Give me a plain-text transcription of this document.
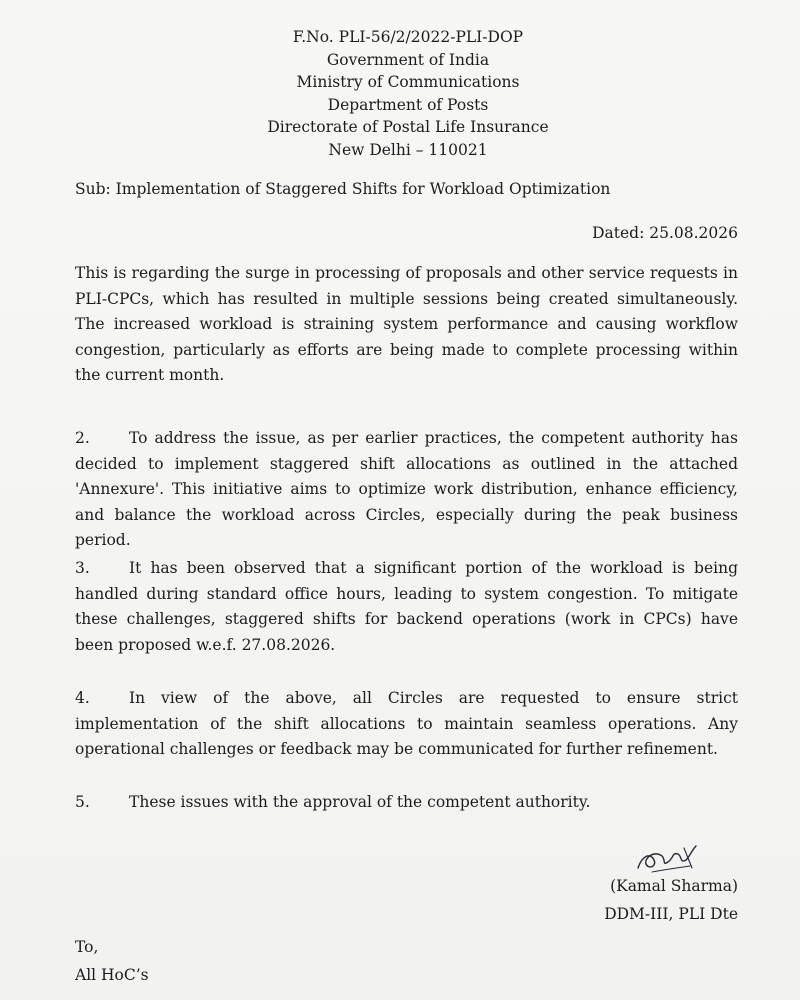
F.No. PLI-56/2/2022-PLI-DOP
Government of India
Ministry of Communications
Department of Posts
Directorate of Postal Life Insurance
New Delhi – 110021
Sub: Implementation of Staggered Shifts for Workload Optimization
Dated: 25.08.2026

This is regarding the surge in processing of proposals and other service requests in PLI-CPCs, which has resulted in multiple sessions being created simultaneously. The increased workload is straining system performance and causing workflow congestion, particularly as efforts are being made to complete processing within the current month.

2.	To address the issue, as per earlier practices, the competent authority has decided to implement staggered shift allocations as outlined in the attached 'Annexure'. This initiative aims to optimize work distribution, enhance efficiency, and balance the workload across Circles, especially during the peak business period.

3.	It has been observed that a significant portion of the workload is being handled during standard office hours, leading to system congestion. To mitigate these challenges, staggered shifts for backend operations (work in CPCs) have been proposed w.e.f. 27.08.2026.

4.	In view of the above, all Circles are requested to ensure strict implementation of the shift allocations to maintain seamless operations. Any operational challenges or feedback may be communicated for further refinement.

5.	These issues with the approval of the competent authority.

(Kamal Sharma)
DDM-III, PLI Dte
To,
All HoC’s
